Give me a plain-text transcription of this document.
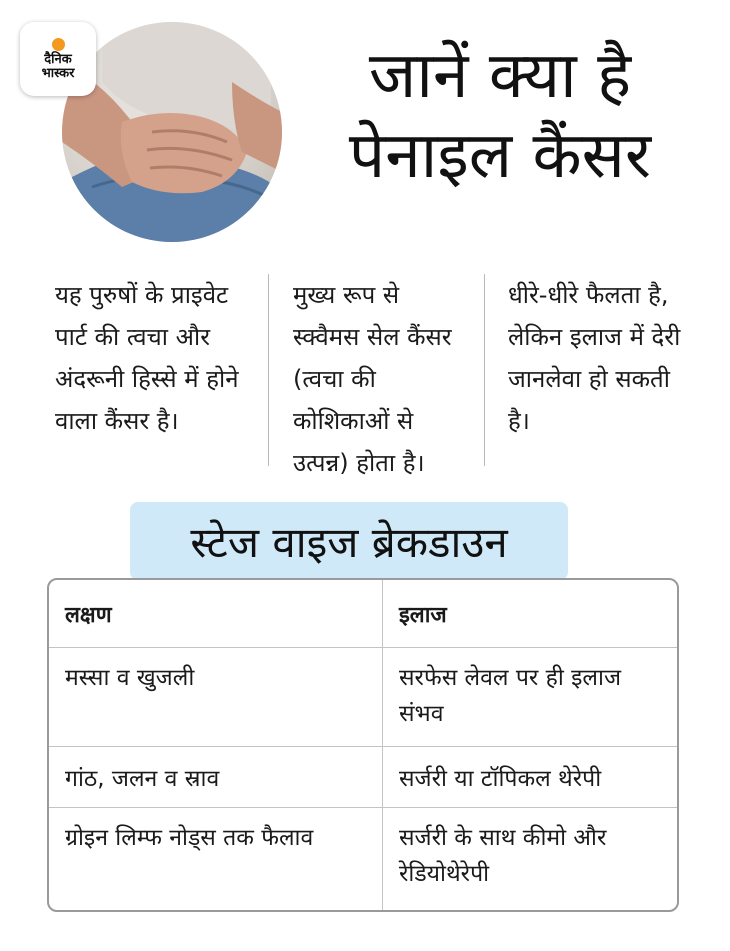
दैनिक
भास्कर	जानें क्या है
पेनाइल कैंसर
यह पुरुषों के प्राइवेट पार्ट की त्वचा और अंदरूनी हिस्से में होने वाला कैंसर है।
मुख्य रूप से स्क्वैमस सेल कैंसर (त्वचा की कोशिकाओं से उत्पन्न) होता है।
धीरे-धीरे फैलता है, लेकिन इलाज में देरी जानलेवा हो सकती है।
स्टेज वाइज ब्रेकडाउन
लक्षण	इलाज
मस्सा व खुजली	सरफेस लेवल पर ही इलाज संभव
गांठ, जलन व स्राव	सर्जरी या टॉपिकल थेरेपी
ग्रोइन लिम्फ नोड्स तक फैलाव	सर्जरी के साथ कीमो और रेडियोथेरेपी
